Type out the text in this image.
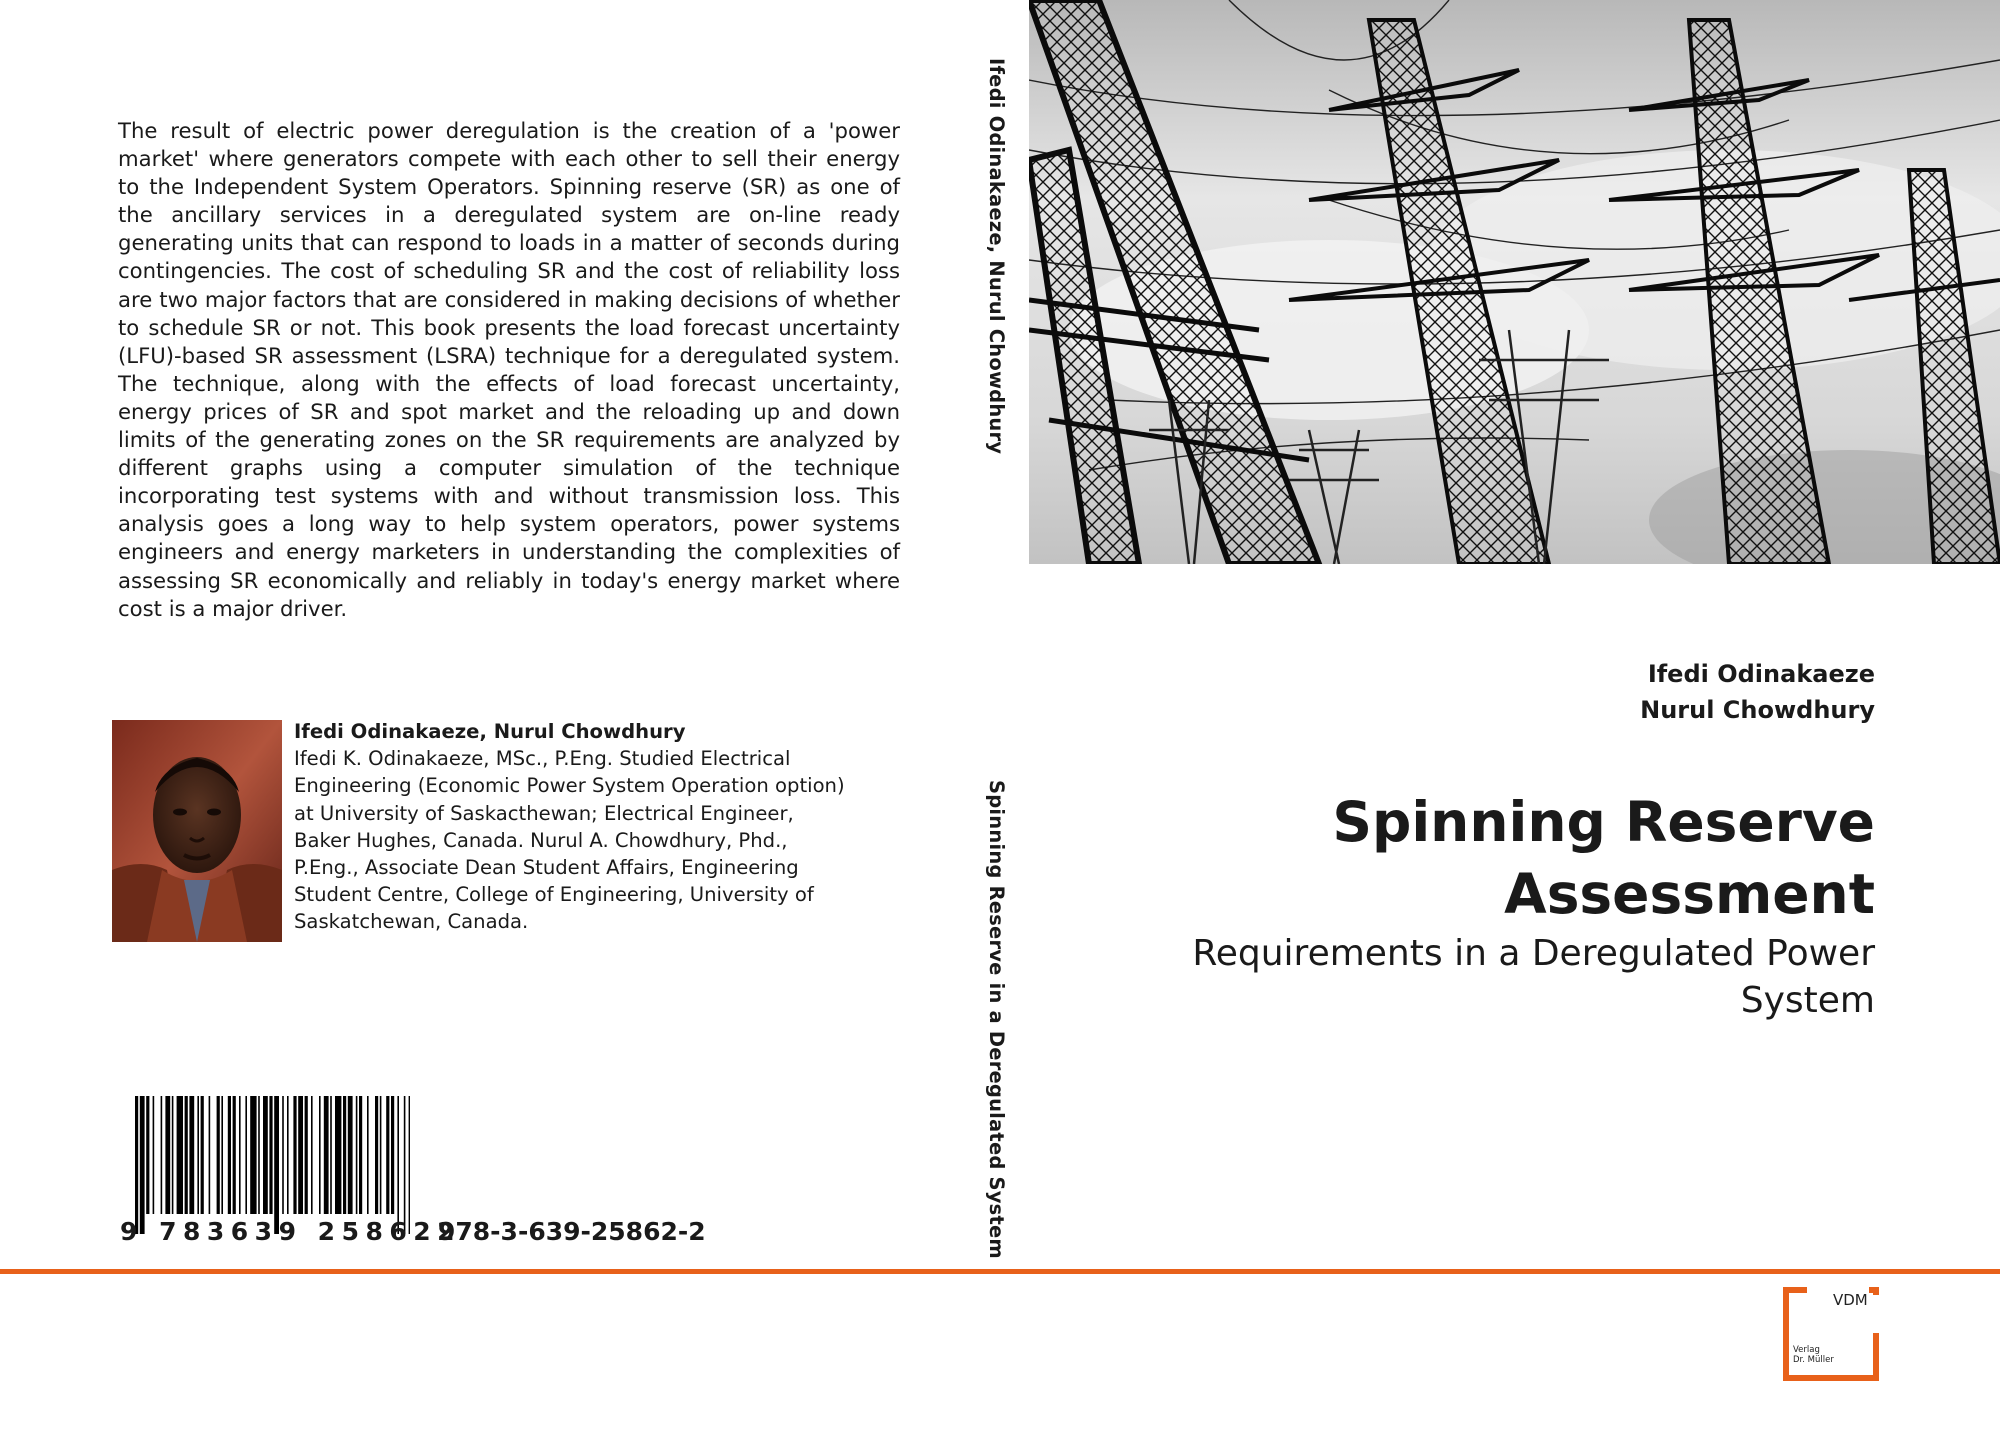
The result of electric power deregulation is the creation of a 'power market' where generators compete with each other to sell their energy to the Independent System Operators. Spinning reserve (SR) as one of the ancillary services in a deregulated system are on-line ready generating units that can respond to loads in a matter of seconds during contingencies. The cost of scheduling SR and the cost of reliability loss are two major factors that are considered in making decisions of whether to schedule SR or not. This book presents the load forecast uncertainty (LFU)-based SR assessment (LSRA) technique for a deregulated system. The technique, along with the effects of load forecast uncertainty, energy prices of SR and spot market and the reloading up and down limits of the generating zones on the SR requirements are analyzed by different graphs using a computer simulation of the technique incorporating test systems with and without transmission loss. This analysis goes a long way to help system operators, power systems engineers and energy marketers in understanding the complexities of assessing SR economically and reliably in today's energy market where cost is a major driver.
Ifedi Odinakaeze, Nurul Chowdhury
Ifedi K. Odinakaeze, MSc., P.Eng. Studied Electrical Engineering (Economic Power System Operation option) at University of Saskacthewan; Electrical Engineer, Baker Hughes, Canada. Nurul A. Chowdhury, Phd., P.Eng., Associate Dean Student Affairs, Engineering Student Centre, College of Engineering, University of Saskatchewan, Canada.
9 783639 258622
978-3-639-25862-2
Ifedi Odinakaeze, Nurul Chowdhury
Spinning Reserve in a Deregulated System
Ifedi Odinakaeze
Nurul Chowdhury
Spinning Reserve Assessment
Requirements in a Deregulated Power System
VDM
Verlag
Dr. Müller
